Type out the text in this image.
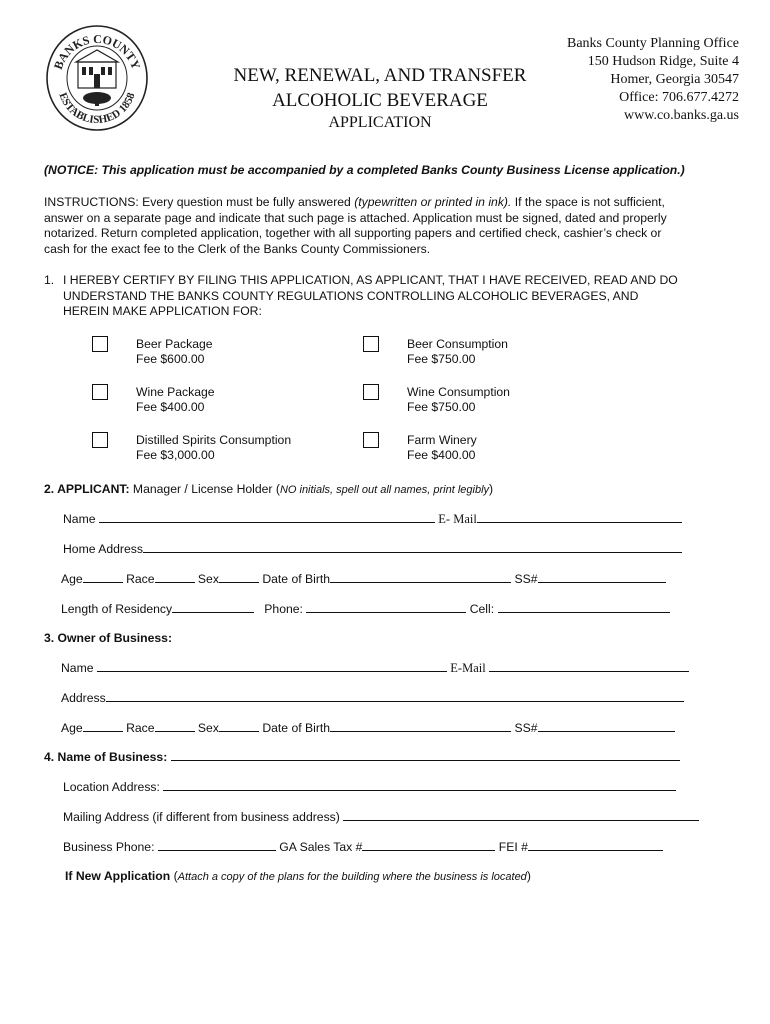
BANKS COUNTY
ESTABLISHED 1858
NEW, RENEWAL, AND TRANSFER
ALCOHOLIC BEVERAGE
APPLICATION
Banks County Planning Office
150 Hudson Ridge, Suite 4
Homer, Georgia 30547
Office: 706.677.4272
www.co.banks.ga.us
(NOTICE: This application must be accompanied by a completed Banks County Business License application.)
INSTRUCTIONS: Every question must be fully answered (typewritten or printed in ink). If the space is not sufficient,
answer on a separate page and indicate that such page is attached. Application must be signed, dated and properly
notarized. Return completed application, together with all supporting papers and certified check, cashier’s check or
cash for the exact fee to the Clerk of the Banks County Commissioners.
1. I HEREBY CERTIFY BY FILING THIS APPLICATION, AS APPLICANT, THAT I HAVE RECEIVED, READ AND DO
UNDERSTAND THE BANKS COUNTY REGULATIONS CONTROLLING ALCOHOLIC BEVERAGES, AND
HEREIN MAKE APPLICATION FOR:
Beer Package
Fee $600.00
Beer Consumption
Fee $750.00
Wine Package
Fee $400.00
Wine Consumption
Fee $750.00
Distilled Spirits Consumption
Fee $3,000.00
Farm Winery
Fee $400.00
2. APPLICANT: Manager / License Holder (NO initials, spell out all names, print legibly)
Name	E- Mail
Home Address
Age	Race	Sex	Date of Birth	SS#
Length of Residency	Phone:	Cell:
3. Owner of Business:
Name	E-Mail
Address
Age	Race	Sex	Date of Birth	SS#
4. Name of Business:
Location Address:
Mailing Address (if different from business address)
Business Phone:	GA Sales Tax #	FEI #
If New Application (Attach a copy of the plans for the building where the business is located)
